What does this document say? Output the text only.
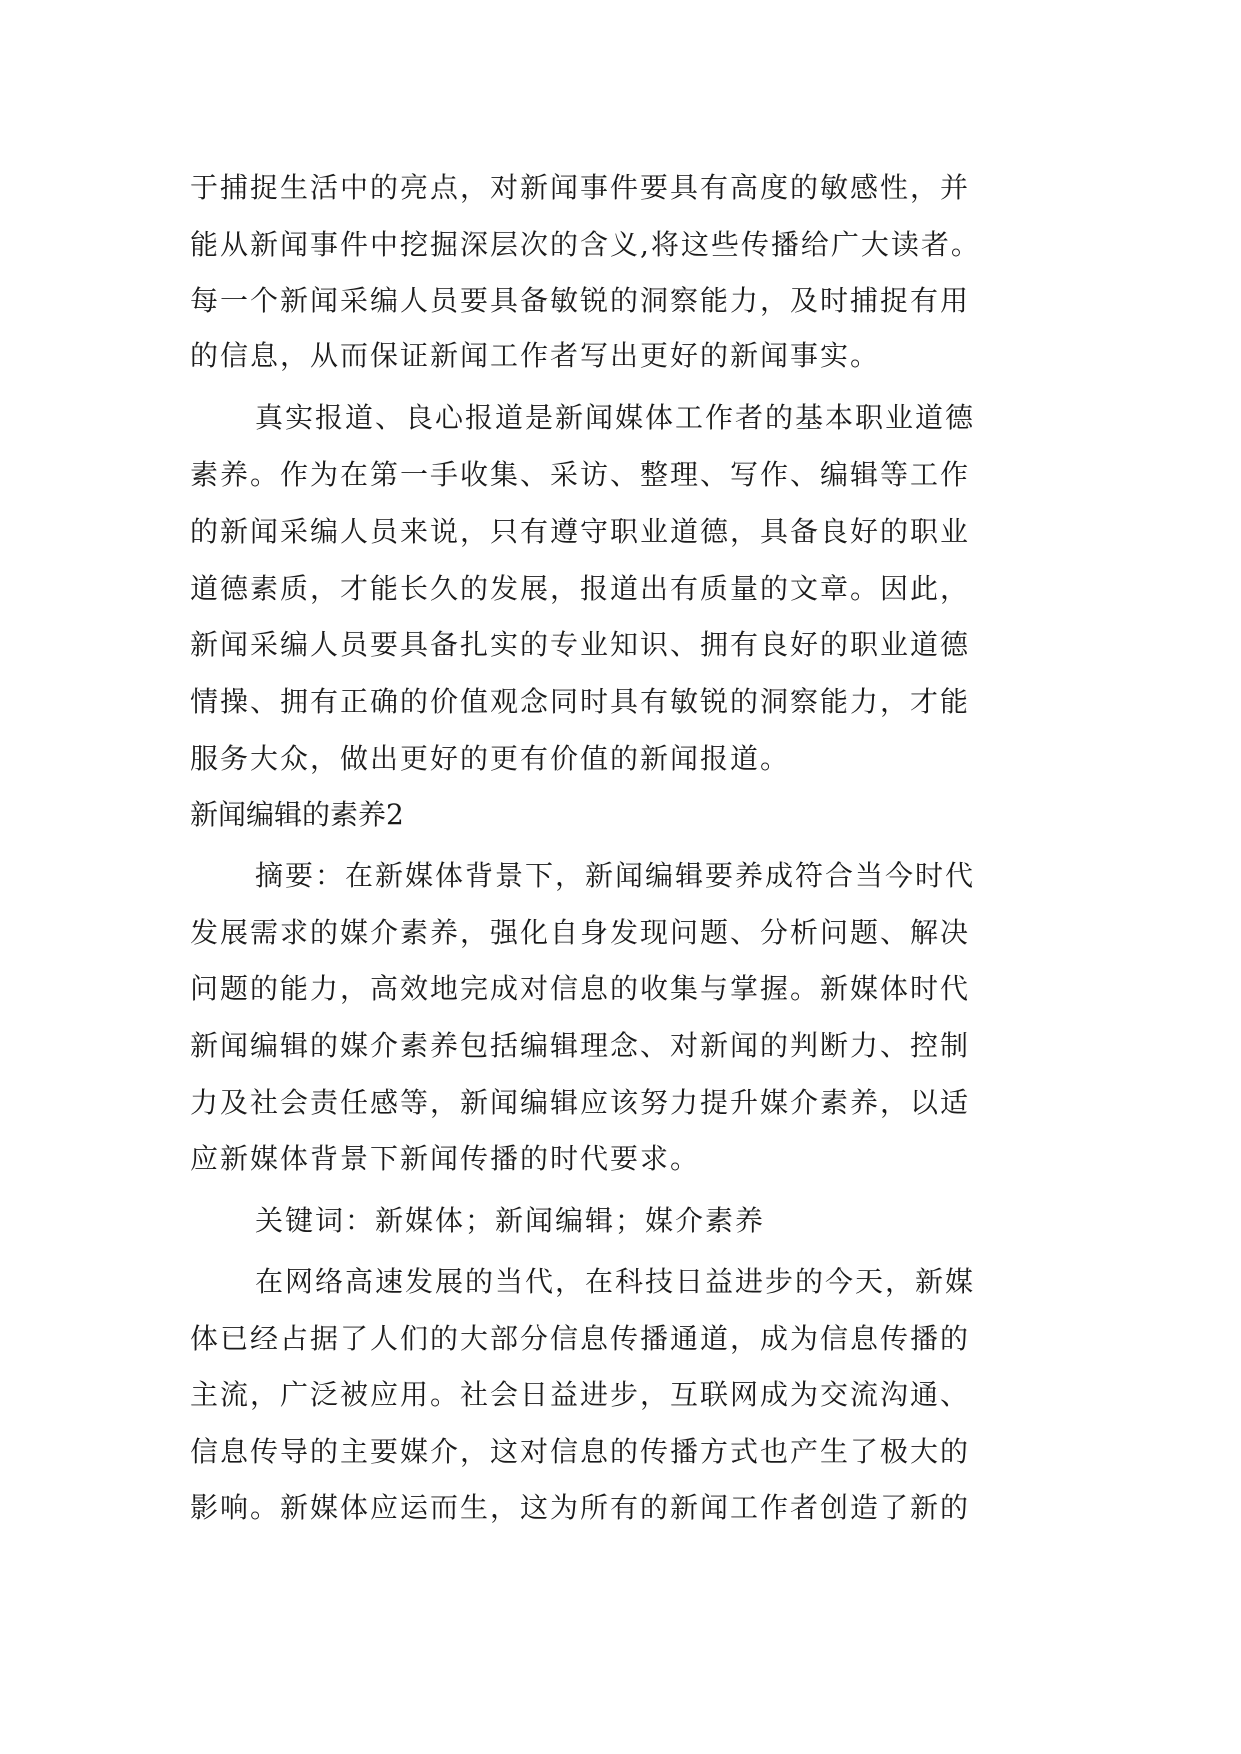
于捕捉生活中的亮点，对新闻事件要具有高度的敏感性，并

能从新闻事件中挖掘深层次的含义,将这些传播给广大读者。

每一个新闻采编人员要具备敏锐的洞察能力，及时捕捉有用

的信息，从而保证新闻工作者写出更好的新闻事实。

真实报道、良心报道是新闻媒体工作者的基本职业道德

素养。作为在第一手收集、采访、整理、写作、编辑等工作

的新闻采编人员来说，只有遵守职业道德，具备良好的职业

道德素质，才能长久的发展，报道出有质量的文章。因此，

新闻采编人员要具备扎实的专业知识、拥有良好的职业道德

情操、拥有正确的价值观念同时具有敏锐的洞察能力，才能

服务大众，做出更好的更有价值的新闻报道。

新闻编辑的素养2

摘要：在新媒体背景下，新闻编辑要养成符合当今时代

发展需求的媒介素养，强化自身发现问题、分析问题、解决

问题的能力，高效地完成对信息的收集与掌握。新媒体时代

新闻编辑的媒介素养包括编辑理念、对新闻的判断力、控制

力及社会责任感等，新闻编辑应该努力提升媒介素养，以适

应新媒体背景下新闻传播的时代要求。

关键词：新媒体；新闻编辑；媒介素养

在网络高速发展的当代，在科技日益进步的今天，新媒

体已经占据了人们的大部分信息传播通道，成为信息传播的

主流，广泛被应用。社会日益进步，互联网成为交流沟通、

信息传导的主要媒介，这对信息的传播方式也产生了极大的

影响。新媒体应运而生，这为所有的新闻工作者创造了新的
